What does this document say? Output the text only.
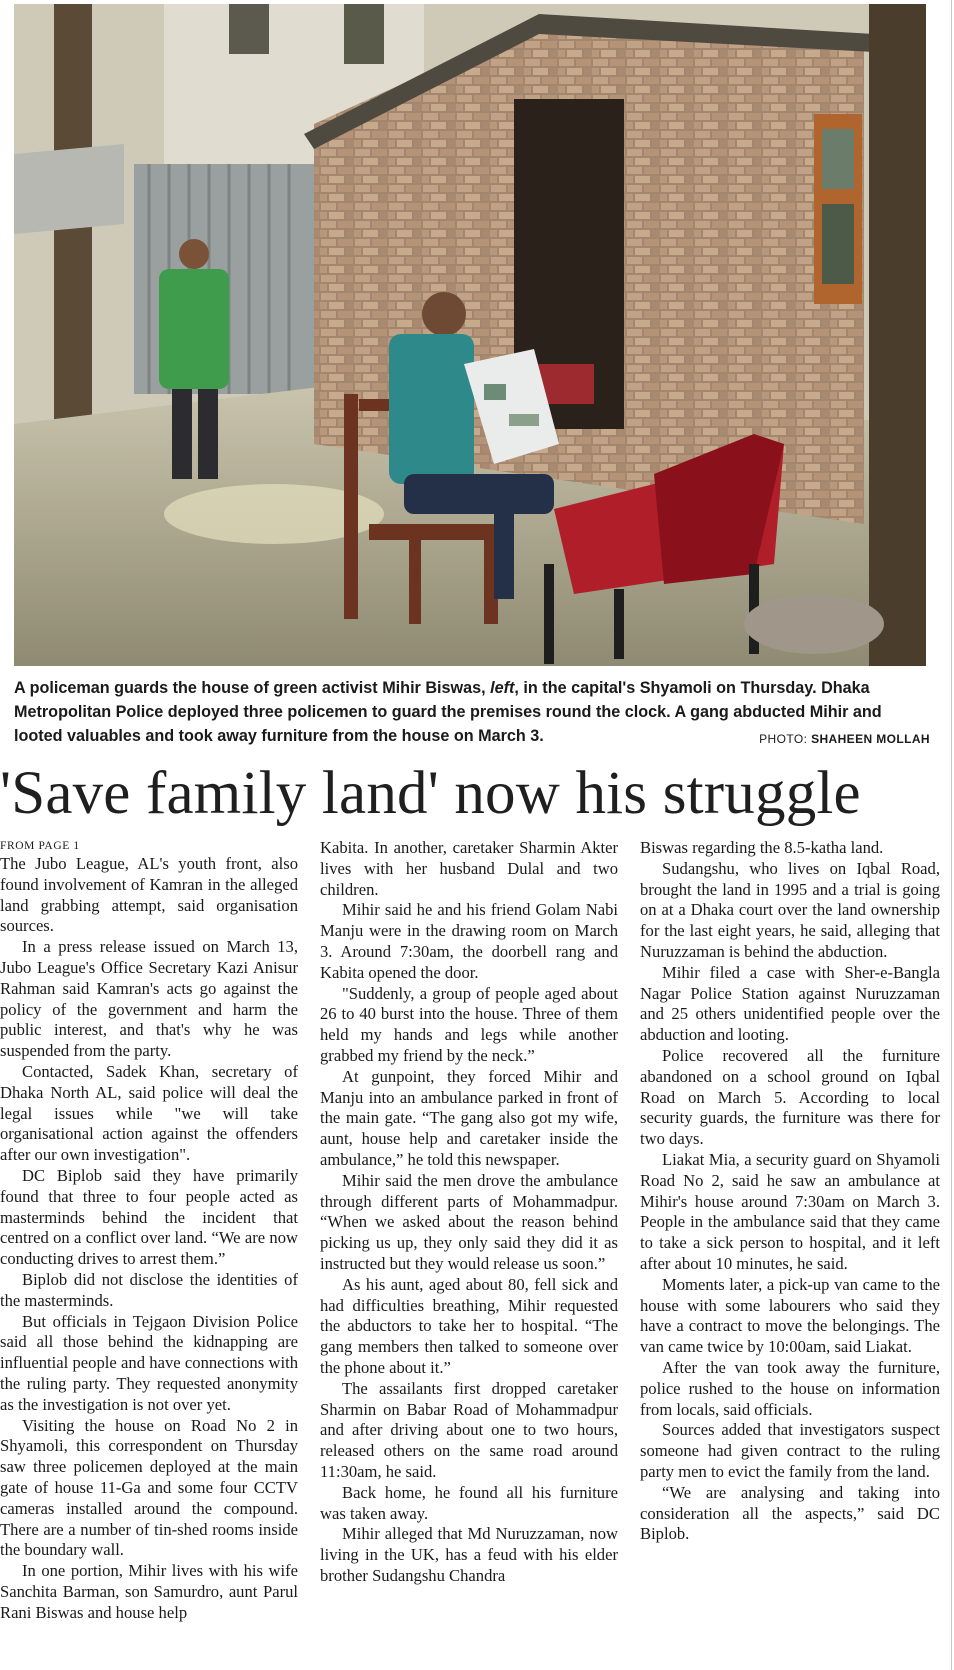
A policeman guards the house of green activist Mihir Biswas, left, in the capital's Shyamoli on Thursday. Dhaka Metropolitan Police deployed three policemen to guard the premises round the clock. A gang abducted Mihir and looted valuables and took away furniture from the house on March 3.	PHOTO: SHAHEEN MOLLAH
'Save family land' now his struggle

FROM PAGE 1

The Jubo League, AL's youth front, also found involvement of Kamran in the alleged land grabbing attempt, said organisation sources.

In a press release issued on March 13, Jubo League's Office Secretary Kazi Anisur Rahman said Kamran's acts go against the policy of the government and harm the public interest, and that's why he was suspended from the party.

Contacted, Sadek Khan, secretary of Dhaka North AL, said police will deal the legal issues while "we will take organisational action against the offenders after our own investigation".

DC Biplob said they have primarily found that three to four people acted as masterminds behind the incident that centred on a conflict over land. “We are now conducting drives to arrest them.”

Biplob did not disclose the identities of the masterminds.

But officials in Tejgaon Division Police said all those behind the kidnapping are influential people and have connections with the ruling party. They requested anonymity as the investigation is not over yet.

Visiting the house on Road No 2 in Shyamoli, this correspondent on Thursday saw three policemen deployed at the main gate of house 11-Ga and some four CCTV cameras installed around the compound. There are a number of tin-shed rooms inside the boundary wall.

In one portion, Mihir lives with his wife Sanchita Barman, son Samurdro, aunt Parul Rani Biswas and house help

Kabita. In another, caretaker Sharmin Akter lives with her husband Dulal and two children.

Mihir said he and his friend Golam Nabi Manju were in the drawing room on March 3. Around 7:30am, the doorbell rang and Kabita opened the door.

"Suddenly, a group of people aged about 26 to 40 burst into the house. Three of them held my hands and legs while another grabbed my friend by the neck.”

At gunpoint, they forced Mihir and Manju into an ambulance parked in front of the main gate. “The gang also got my wife, aunt, house help and caretaker inside the ambulance,” he told this newspaper.

Mihir said the men drove the ambulance through different parts of Mohammadpur. “When we asked about the reason behind picking us up, they only said they did it as instructed but they would release us soon.”

As his aunt, aged about 80, fell sick and had difficulties breathing, Mihir requested the abductors to take her to hospital. “The gang members then talked to someone over the phone about it.”

The assailants first dropped caretaker Sharmin on Babar Road of Mohammadpur and after driving about one to two hours, released others on the same road around 11:30am, he said.

Back home, he found all his furniture was taken away.

Mihir alleged that Md Nuruzzaman, now living in the UK, has a feud with his elder brother Sudangshu Chandra

Biswas regarding the 8.5-katha land.

Sudangshu, who lives on Iqbal Road, brought the land in 1995 and a trial is going on at a Dhaka court over the land ownership for the last eight years, he said, alleging that Nuruzzaman is behind the abduction.

Mihir filed a case with Sher-e-Bangla Nagar Police Station against Nuruzzaman and 25 others unidentified people over the abduction and looting.

Police recovered all the furniture abandoned on a school ground on Iqbal Road on March 5. According to local security guards, the furniture was there for two days.

Liakat Mia, a security guard on Shyamoli Road No 2, said he saw an ambulance at Mihir's house around 7:30am on March 3. People in the ambulance said that they came to take a sick person to hospital, and it left after about 10 minutes, he said.

Moments later, a pick-up van came to the house with some labourers who said they have a contract to move the belongings. The van came twice by 10:00am, said Liakat.

After the van took away the furniture, police rushed to the house on information from locals, said officials.

Sources added that investigators suspect someone had given contract to the ruling party men to evict the family from the land.

“We are analysing and taking into consideration all the aspects,” said DC Biplob.
